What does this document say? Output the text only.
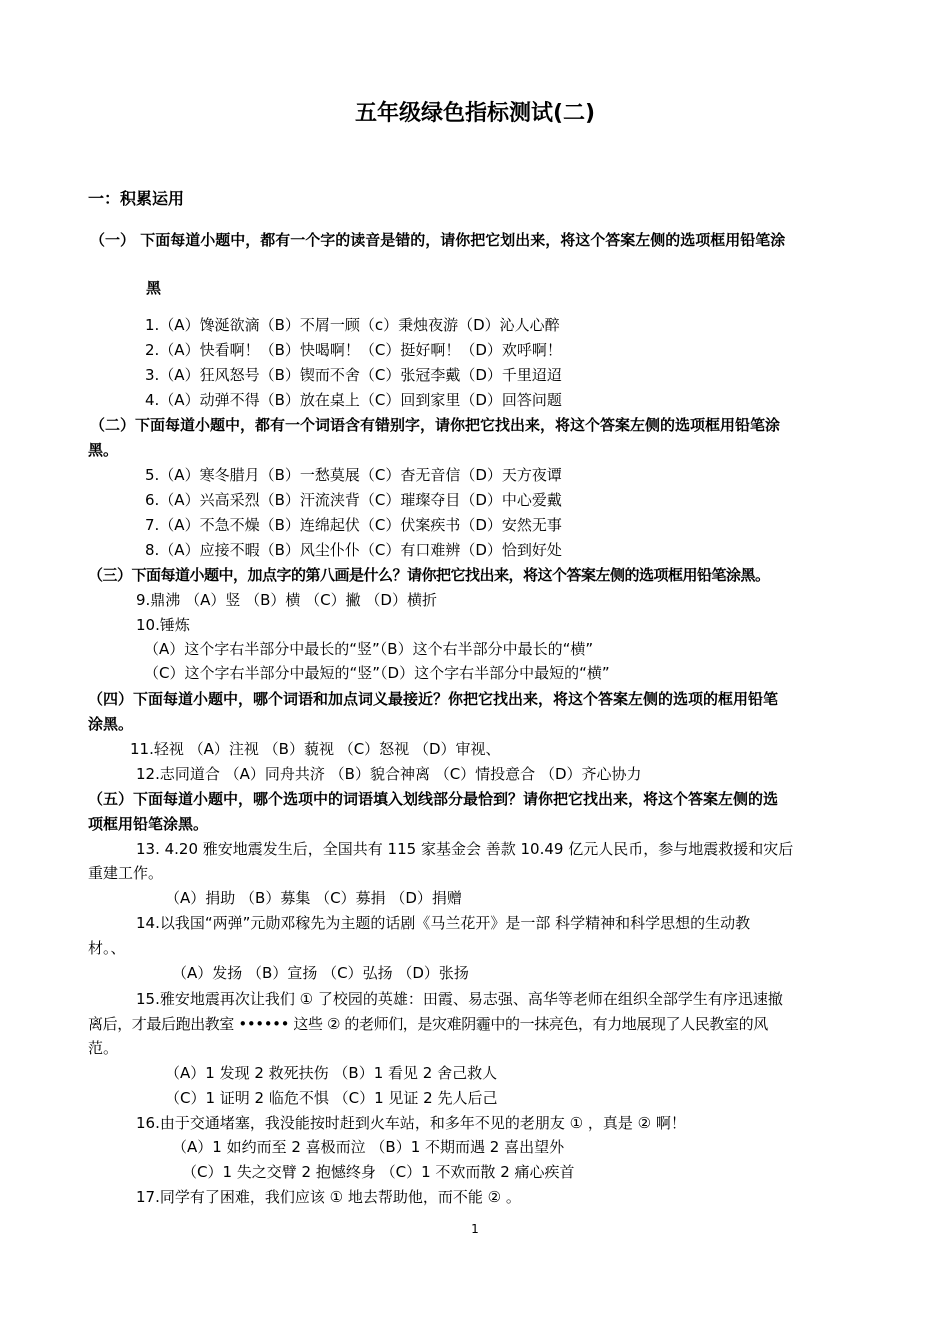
五年级绿色指标测试(二)
一：积累运用
（一） 下面每道小题中，都有一个字的读音是错的，请你把它划出来，将这个答案左侧的选项框用铅笔涂
黑
1.（A）馋涎欲滴（B）不屑一顾（c）秉烛夜游（D）沁人心醉
2.（A）快看啊！（B）快喝啊！（C）挺好啊！（D）欢呼啊！
3.（A）狂风怒号（B）锲而不舍（C）张冠李戴（D）千里迢迢
4.（A）动弹不得（B）放在桌上（C）回到家里（D）回答问题
（二）下面每道小题中，都有一个词语含有错别字，请你把它找出来，将这个答案左侧的选项框用铅笔涂
黑。
5.（A）寒冬腊月（B）一愁莫展（C）杳无音信（D）天方夜谭
6.（A）兴高采烈（B）汗流浃背（C）璀璨夺目（D）中心爱戴
7.（A）不急不燥（B）连绵起伏（C）伏案疾书（D）安然无事
8.（A）应接不暇（B）风尘仆仆（C）有口难辨（D）恰到好处
（三）下面每道小题中，加点字的第八画是什么？请你把它找出来，将这个答案左侧的选项框用铅笔涂黑。
9.鼎沸 （A）竖 （B）横 （C）撇 （D）横折
10.锤炼
（A）这个字右半部分中最长的“竖”（B）这个右半部分中最长的“横”
（C）这个字右半部分中最短的“竖”（D）这个字右半部分中最短的“横”
（四）下面每道小题中，哪个词语和加点词义最接近？你把它找出来，将这个答案左侧的选项的框用铅笔
涂黑。
11.轻视 （A）注视 （B）藐视 （C）怒视 （D）审视、
12.志同道合 （A）同舟共济 （B）貌合神离 （C）情投意合 （D）齐心协力
（五）下面每道小题中，哪个选项中的词语填入划线部分最恰到？请你把它找出来，将这个答案左侧的选
项框用铅笔涂黑。
13. 4.20 雅安地震发生后，全国共有 115 家基金会 善款 10.49 亿元人民币，参与地震救援和灾后
重建工作。
（A）捐助 （B）募集 （C）募捐 （D）捐赠
14.以我国“两弹”元勋邓稼先为主题的话剧《马兰花开》是一部 科学精神和科学思想的生动教
材。、
（A）发扬 （B）宣扬 （C）弘扬 （D）张扬
15.雅安地震再次让我们 ① 了校园的英雄：田霞、易志强、高华等老师在组织全部学生有序迅速撤
离后，才最后跑出教室 •••••• 这些 ② 的老师们，是灾难阴霾中的一抹亮色，有力地展现了人民教室的风
范。
（A）1 发现 2 救死扶伤 （B）1 看见 2 舍己救人
（C）1 证明 2 临危不惧 （C）1 见证 2 先人后己
16.由于交通堵塞，我没能按时赶到火车站，和多年不见的老朋友 ① ，真是 ② 啊！
（A）1 如约而至 2 喜极而泣 （B）1 不期而遇 2 喜出望外
（C）1 失之交臂 2 抱憾终身 （C）1 不欢而散 2 痛心疾首
17.同学有了困难，我们应该 ① 地去帮助他，而不能 ② 。
1
